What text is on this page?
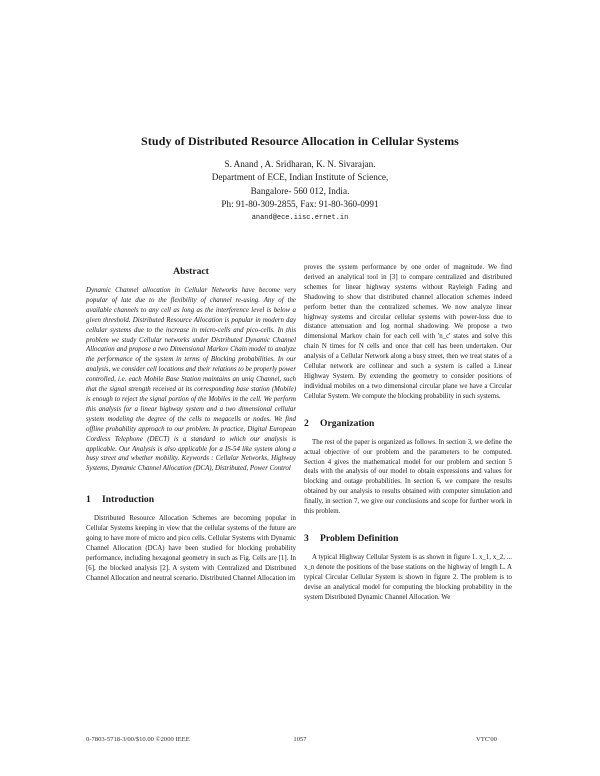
Study of Distributed Resource Allocation in Cellular Systems
S. Anand , A. Sridharan, K. N. Sivarajan.
Department of ECE, Indian Institute of Science,
Bangalore- 560 012, India.
Ph: 91-80-309-2855, Fax: 91-80-360-0991
anand@ece.iisc.ernet.in
Abstract

Dynamic Channel allocation in Cellular Networks have become very popular of late due to the flexibility of channel re-using. Any of the available channels to any cell as long as the interference level is below a given threshold. Distributed Resource Allocation is popular in modern day cellular systems due to the increase in micro-cells and pico-cells. In this problem we study Cellular networks under Distributed Dynamic Channel Allocation and propose a two Dimensional Markov Chain model to analyze the performance of the system in terms of Blocking probabilities. In our analysis, we consider cell locations and their relations to be properly power controlled, i.e. each Mobile Base Station maintains an uniq Channel, such that the signal strength received at its corresponding base station (Mobile) is enough to reject the signal portion of the Mobiles in the cell. We perform this analysis for a linear highway system and a two dimensional cellular system modeling the degree of the cells to megacells or nodes. We find offline probability approach to our problem. In practice, Digital European Cordless Telephone (DECT) is a standard to which our analysis is applicable. Our Analysis is also applicable for a IS-54 like system along a busy street and whether mobility. Keywords : Cellular Networks, Highway Systems, Dynamic Channel Allocation (DCA), Distributed, Power Control

1 Introduction

Distributed Resource Allocation Schemes are becoming popular in Cellular Systems keeping in view that the cellular systems of the future are going to have more of micro and pico cells. Cellular Systems with Dynamic Channel Allocation (DCA) have been studied for blocking probability performance, including hexagonal geometry in such as Fig. Cells are [1]. In [6], the blocked analysis [2]. A system with Centralized and Distributed Channel Allocation and neutral scenario. Distributed Channel Allocation im

proves the system performance by one order of magnitude. We find derived an analytical tool in [3] to compare centralized and distributed schemes for linear highway systems without Rayleigh Fading and Shadowing to show that distributed channel allocation schemes indeed perform better than the centralized schemes. We now analyze linear highway systems and circular cellular systems with power-loss due to distance attenuation and log normal shadowing. We propose a two dimensional Markov chain for each cell with 'n_c' states and solve this chain N times for N cells and once that cell has been undertaken. Our analysis of a Cellular Network along a busy street, then we treat states of a Cellular network are collinear and such a system is called a Linear Highway System. By extending the geometry to consider positions of individual mobiles on a two dimensional circular plane we have a Circular Cellular System. We compute the blocking probability in such systems.

2 Organization

The rest of the paper is organized as follows. In section 3, we define the actual objective of our problem and the parameters to be computed. Section 4 gives the mathematical model for our problem and section 5 deals with the analysis of our model to obtain expressions and values for blocking and outage probabilities. In section 6, we compare the results obtained by our analysis to results obtained with computer simulation and finally, in section 7, we give our conclusions and scope for further work in this problem.

3 Problem Definition

A typical Highway Cellular System is as shown in figure 1. x_1, x_2, ... x_n denote the positions of the base stations on the highway of length L. A typical Circular Cellular System is shown in figure 2. The problem is to devise an analytical model for computing the blocking probability in the system Distributed Dynamic Channel Allocation. We

0-7803-5718-3/00/$10.00 ©2000 IEEE	1057	VTC'00
